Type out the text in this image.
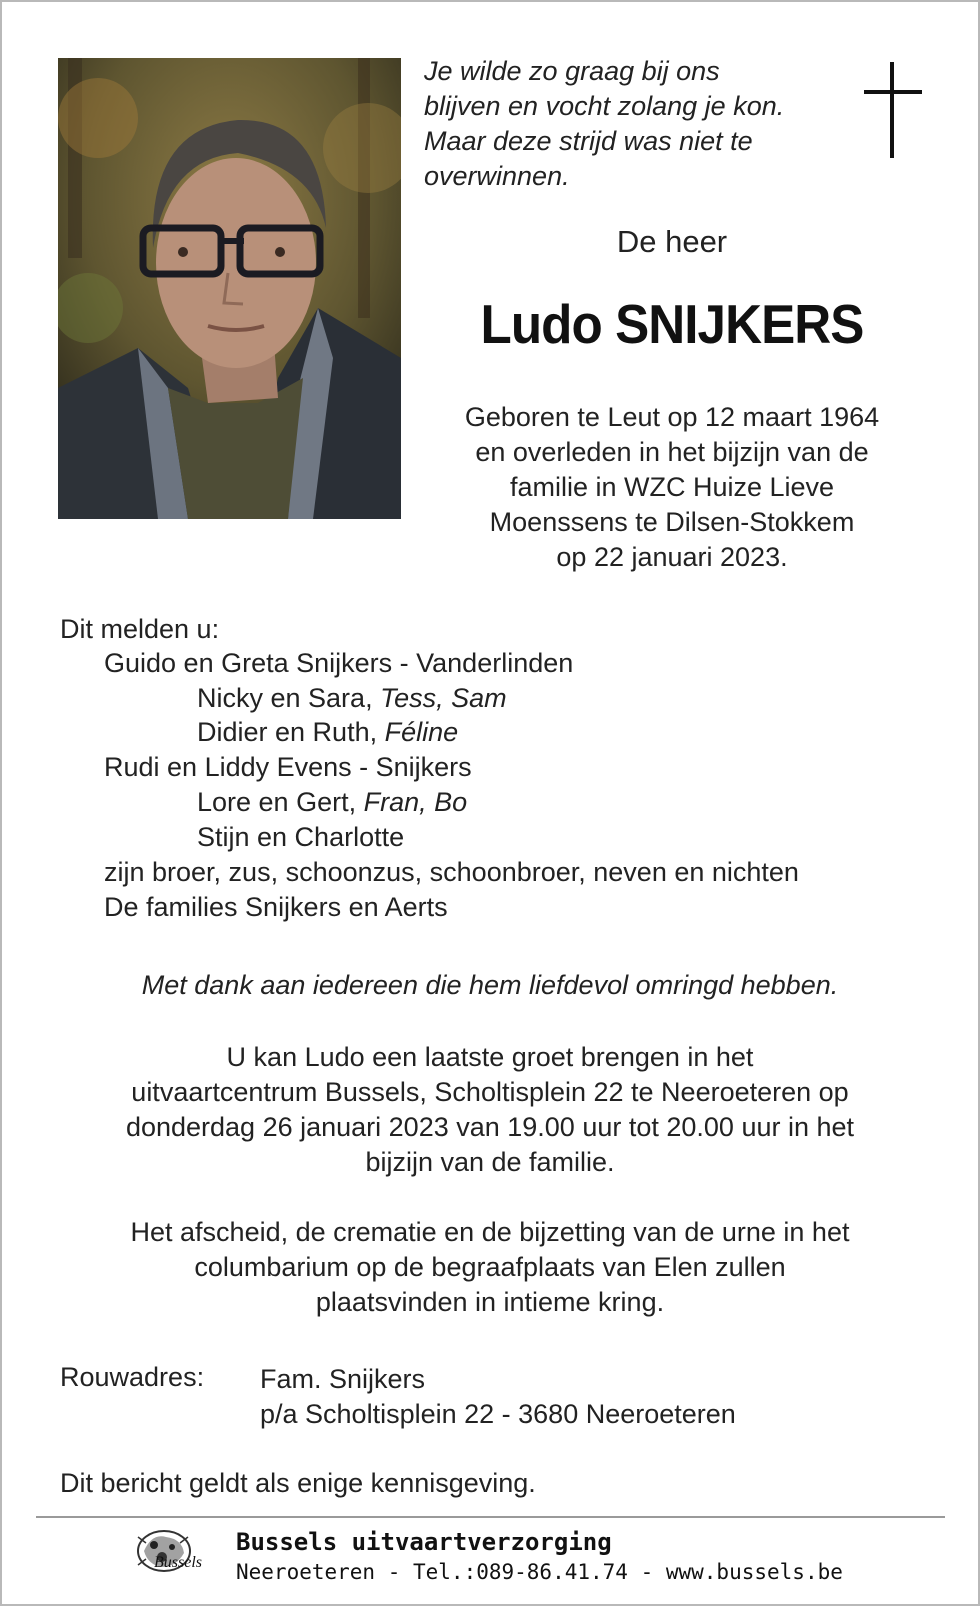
Je wilde zo graag bij ons
blijven en vocht zolang je kon.
Maar deze strijd was niet te
overwinnen.
De heer
Ludo SNIJKERS
Geboren te Leut op 12 maart 1964
en overleden in het bijzijn van de
familie in WZC Huize Lieve
Moenssens te Dilsen-Stokkem
op 22 januari 2023.
Dit melden u:
Guido en Greta Snijkers - Vanderlinden
Nicky en Sara, Tess, Sam
Didier en Ruth, Féline
Rudi en Liddy Evens - Snijkers
Lore en Gert, Fran, Bo
Stijn en Charlotte
zijn broer, zus, schoonzus, schoonbroer, neven en nichten
De families Snijkers en Aerts
Met dank aan iedereen die hem liefdevol omringd hebben.
U kan Ludo een laatste groet brengen in het
uitvaartcentrum Bussels, Scholtisplein 22 te Neeroeteren op
donderdag 26 januari 2023 van 19.00 uur tot 20.00 uur in het
bijzijn van de familie.
Het afscheid, de crematie en de bijzetting van de urne in het
columbarium op de begraafplaats van Elen zullen
plaatsvinden in intieme kring.
Rouwadres: Fam. Snijkers
p/a Scholtisplein 22 - 3680 Neeroeteren
Dit bericht geldt als enige kennisgeving.
Bussels
Bussels uitvaartverzorging
Neeroeteren - Tel.:089-86.41.74 - www.bussels.be
